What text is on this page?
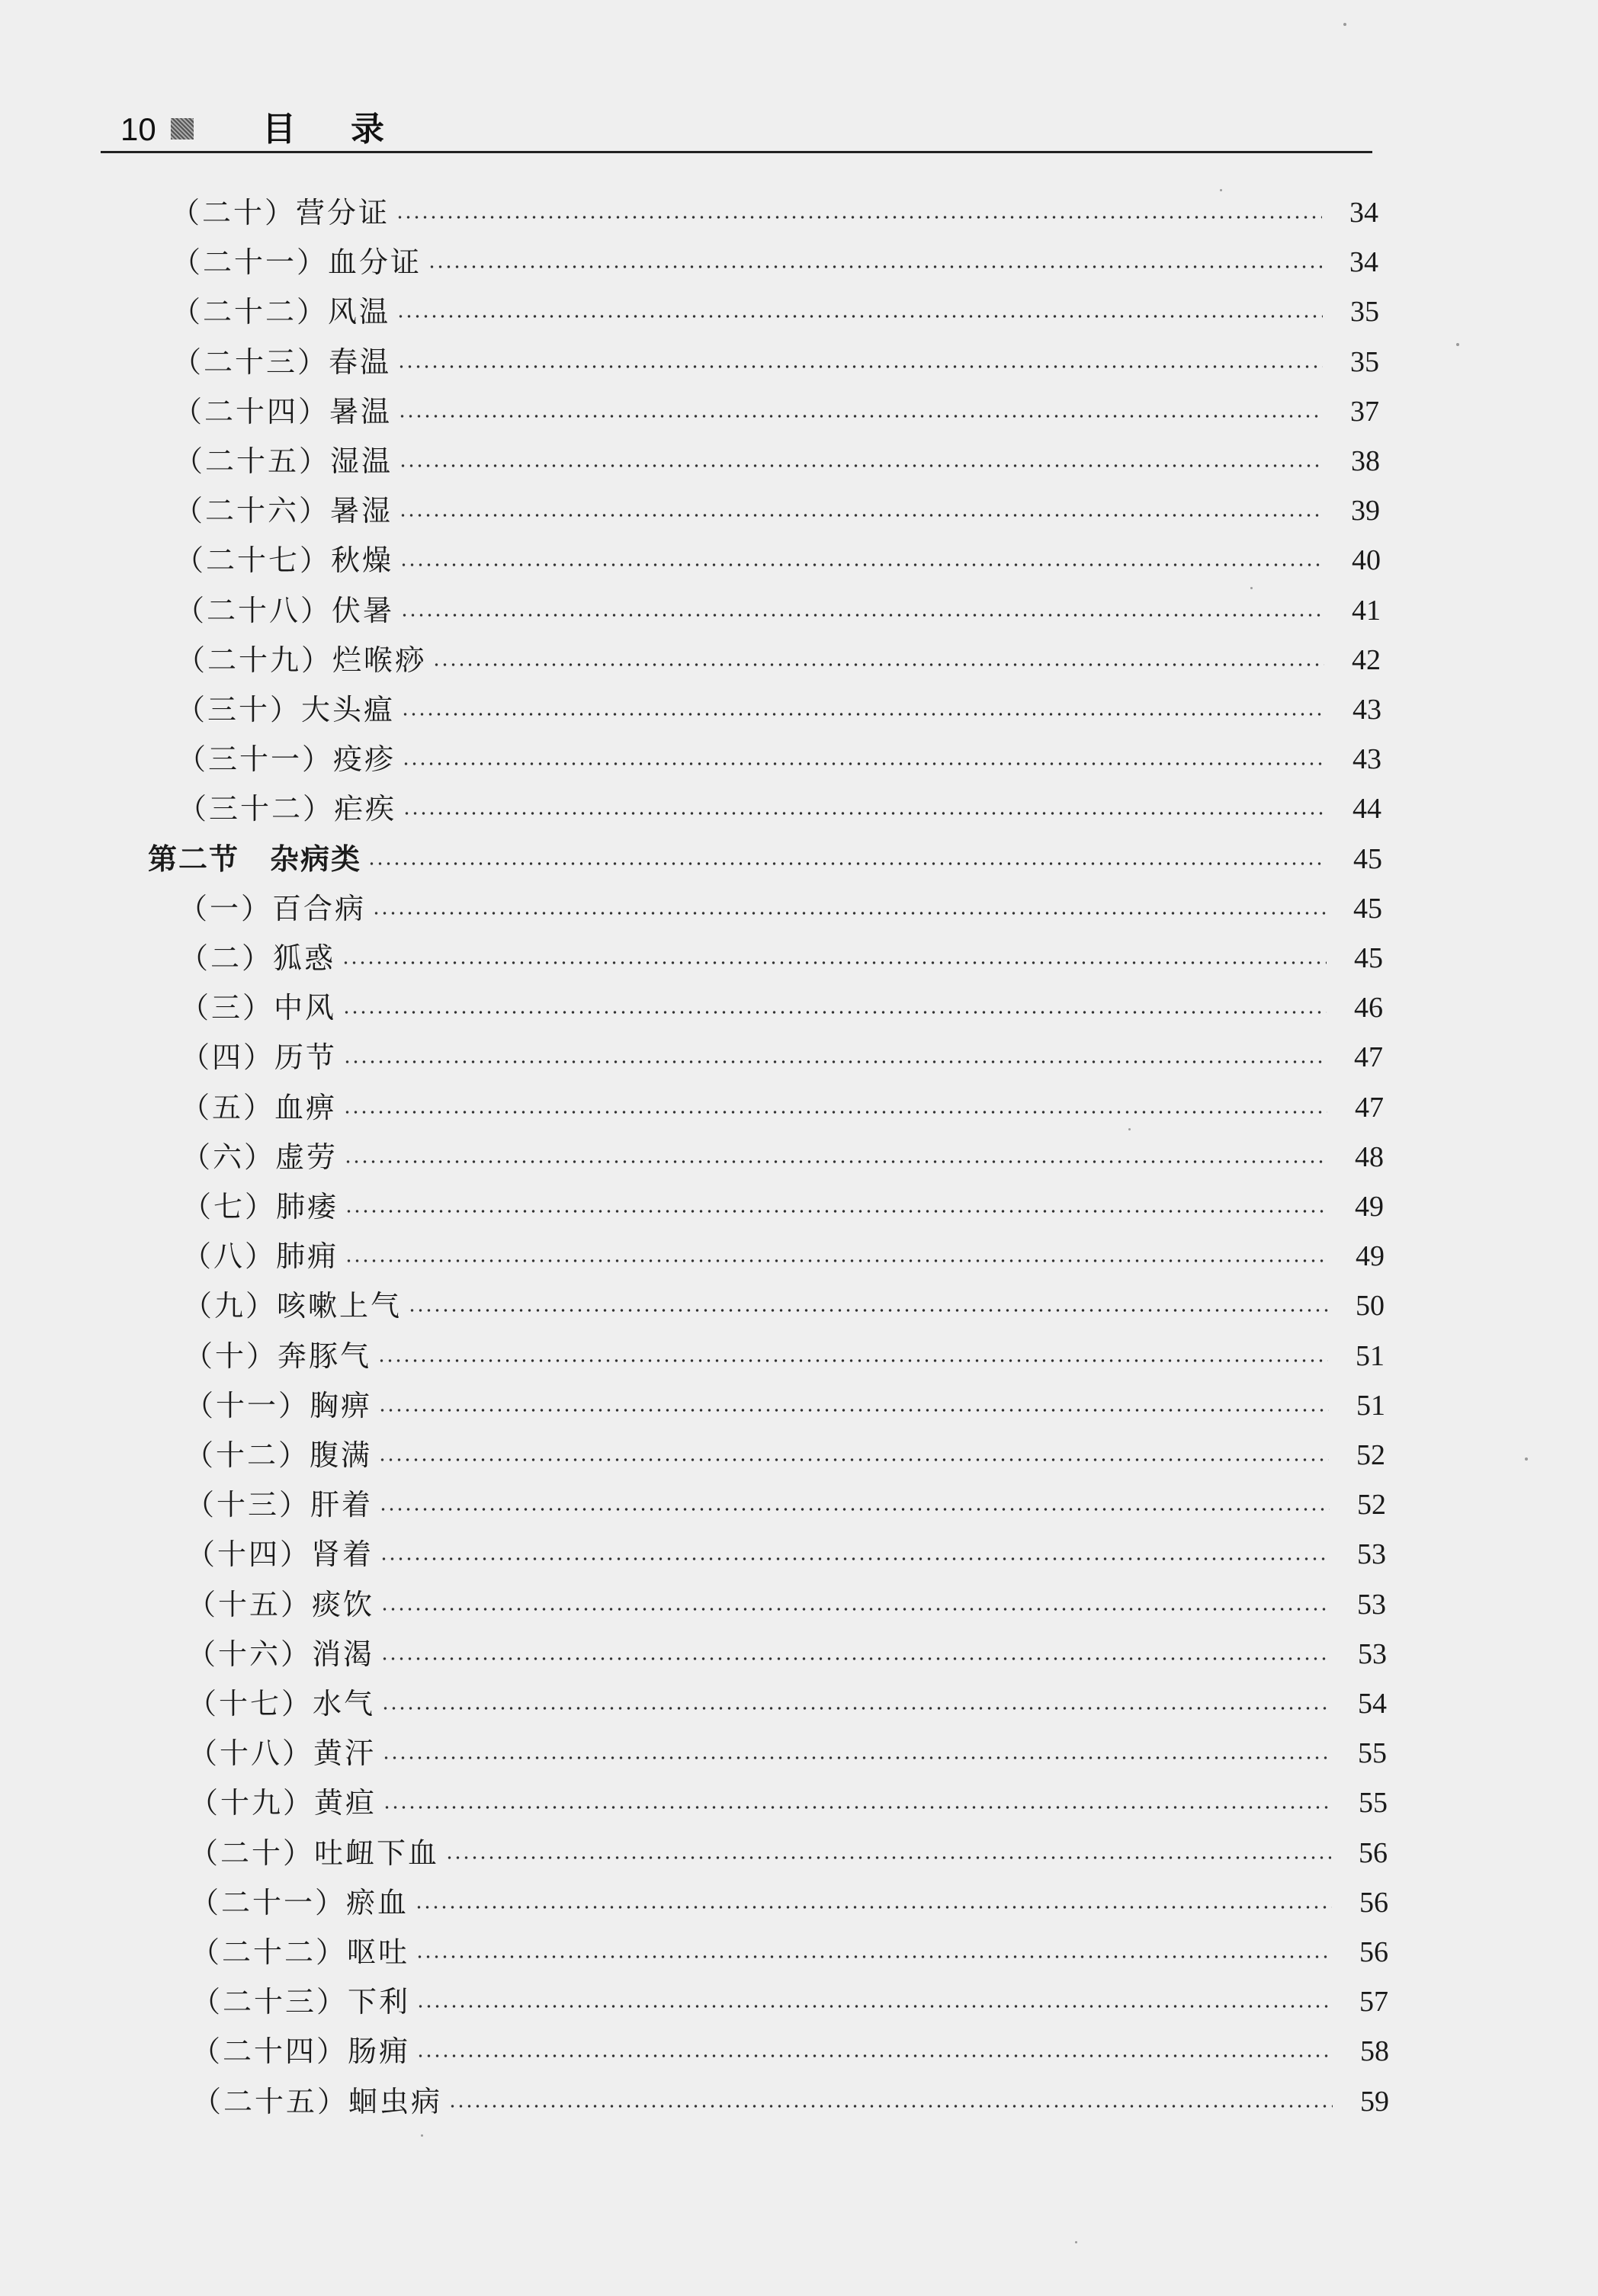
10	目录
（二十）营分证	34
（二十一）血分证	34
（二十二）风温	35
（二十三）春温	35
（二十四）暑温	37
（二十五）湿温	38
（二十六）暑湿	39
（二十七）秋燥	40
（二十八）伏暑	41
（二十九）烂喉痧	42
（三十）大头瘟	43
（三十一）疫疹	43
（三十二）疟疾	44
第二节　杂病类	45
（一）百合病	45
（二）狐惑	45
（三）中风	46
（四）历节	47
（五）血痹	47
（六）虚劳	48
（七）肺痿	49
（八）肺痈	49
（九）咳嗽上气	50
（十）奔豚气	51
（十一）胸痹	51
（十二）腹满	52
（十三）肝着	52
（十四）肾着	53
（十五）痰饮	53
（十六）消渴	53
（十七）水气	54
（十八）黄汗	55
（十九）黄疸	55
（二十）吐衄下血	56
（二十一）瘀血	56
（二十二）呕吐	56
（二十三）下利	57
（二十四）肠痈	58
（二十五）蛔虫病	59
